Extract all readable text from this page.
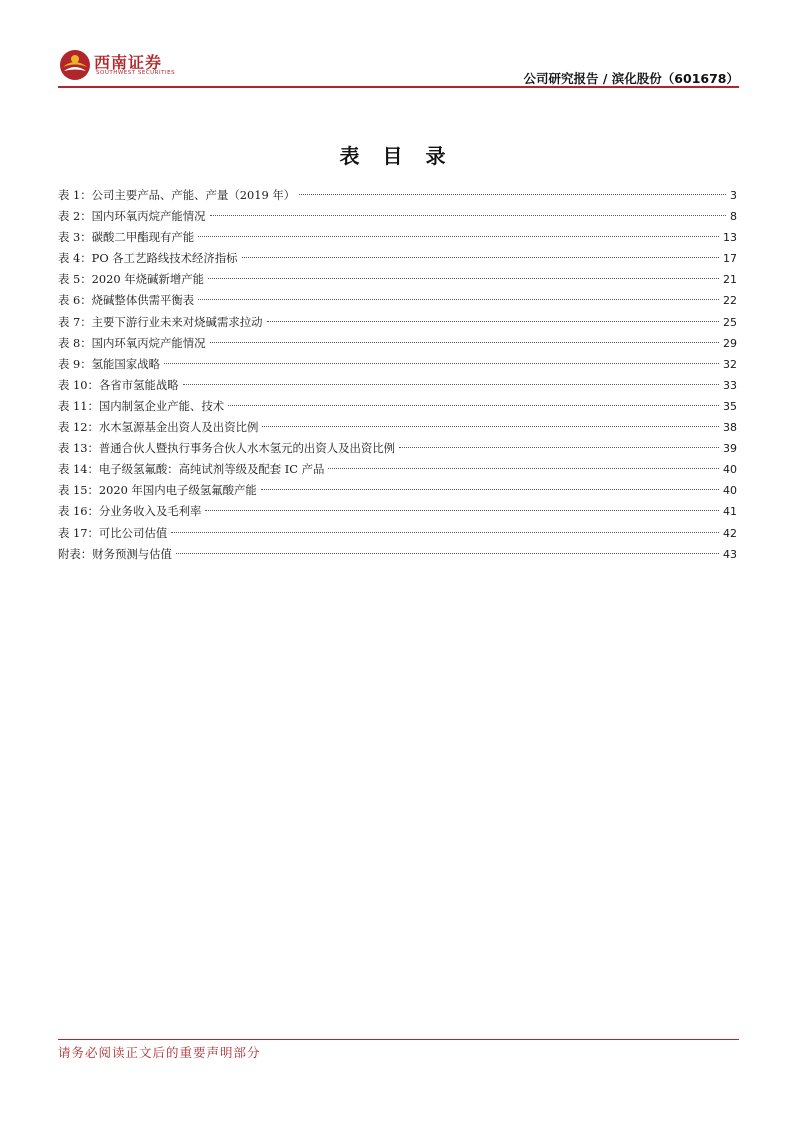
西南证券
SOUTHWEST SECURITIES	公司研究报告 / 滨化股份（601678）
表 目 录
表 1：公司主要产品、产能、产量（2019 年）	3
表 2：国内环氧丙烷产能情况	8
表 3：碳酸二甲酯现有产能	13
表 4：PO 各工艺路线技术经济指标	17
表 5：2020 年烧碱新增产能	21
表 6：烧碱整体供需平衡表	22
表 7：主要下游行业未来对烧碱需求拉动	25
表 8：国内环氧丙烷产能情况	29
表 9：氢能国家战略	32
表 10：各省市氢能战略	33
表 11：国内制氢企业产能、技术	35
表 12：水木氢源基金出资人及出资比例	38
表 13：普通合伙人暨执行事务合伙人水木氢元的出资人及出资比例	39
表 14：电子级氢氟酸：高纯试剂等级及配套 IC 产品	40
表 15：2020 年国内电子级氢氟酸产能	40
表 16：分业务收入及毛利率	41
表 17：可比公司估值	42
附表：财务预测与估值	43
请务必阅读正文后的重要声明部分
